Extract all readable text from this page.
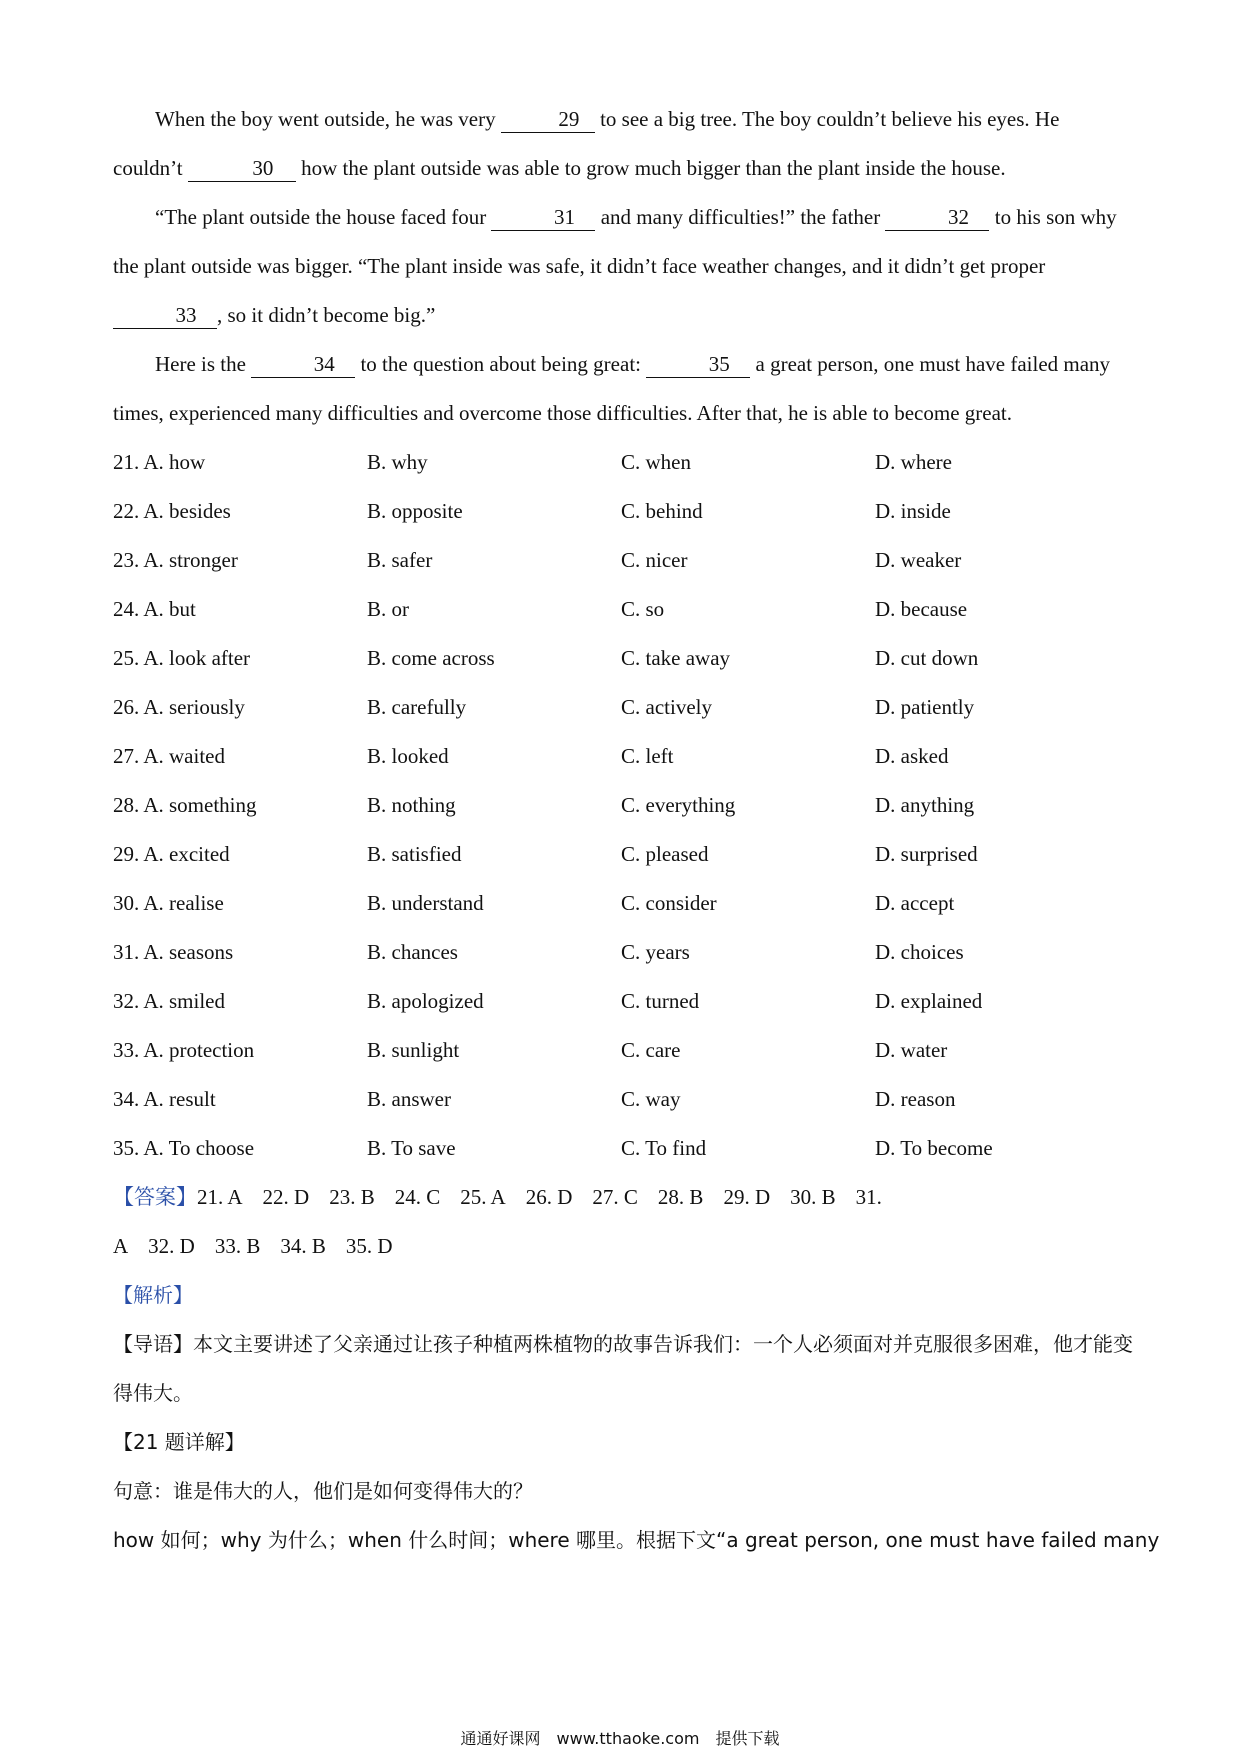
When the boy went outside, he was very	29 to see a big tree. The boy couldn’t believe his eyes. He couldn’t	30 how the plant outside was able to grow much bigger than the plant inside the house.

“The plant outside the house faced four	31 and many difficulties!” the father	32 to his son why the plant outside was bigger. “The plant inside was safe, it didn’t face weather changes, and it didn’t get proper 33 , so it didn’t become big.”

Here is the	34 to the question about being great:	35 a great person, one must have failed many times, experienced many difficulties and overcome those difficulties. After that, he is able to become great.

21. A. how	B. why	C. when	D. where
22. A. besides	B. opposite	C. behind	D. inside
23. A. stronger	B. safer	C. nicer	D. weaker
24. A. but	B. or	C. so	D. because
25. A. look after	B. come across	C. take away	D. cut down
26. A. seriously	B. carefully	C. actively	D. patiently
27. A. waited	B. looked	C. left	D. asked
28. A. something	B. nothing	C. everything	D. anything
29. A. excited	B. satisfied	C. pleased	D. surprised
30. A. realise	B. understand	C. consider	D. accept
31. A. seasons	B. chances	C. years	D. choices
32. A. smiled	B. apologized	C. turned	D. explained
33. A. protection	B. sunlight	C. care	D. water
34. A. result	B. answer	C. way	D. reason
35. A. To choose	B. To save	C. To find	D. To become
【答案】21. A 22. D 23. B 24. C 25. A 26. D 27. C 28. B 29. D 30. B 31.
A 32. D 33. B 34. B 35. D

【解析】

【导语】本文主要讲述了父亲通过让孩子种植两株植物的故事告诉我们：一个人必须面对并克服很多困难，他才能变得伟大。

【21 题详解】

句意：谁是伟大的人，他们是如何变得伟大的？

how 如何；why 为什么；when 什么时间；where 哪里。根据下文“a great person, one must have failed many

通通好课网　www.tthaoke.com　提供下载
